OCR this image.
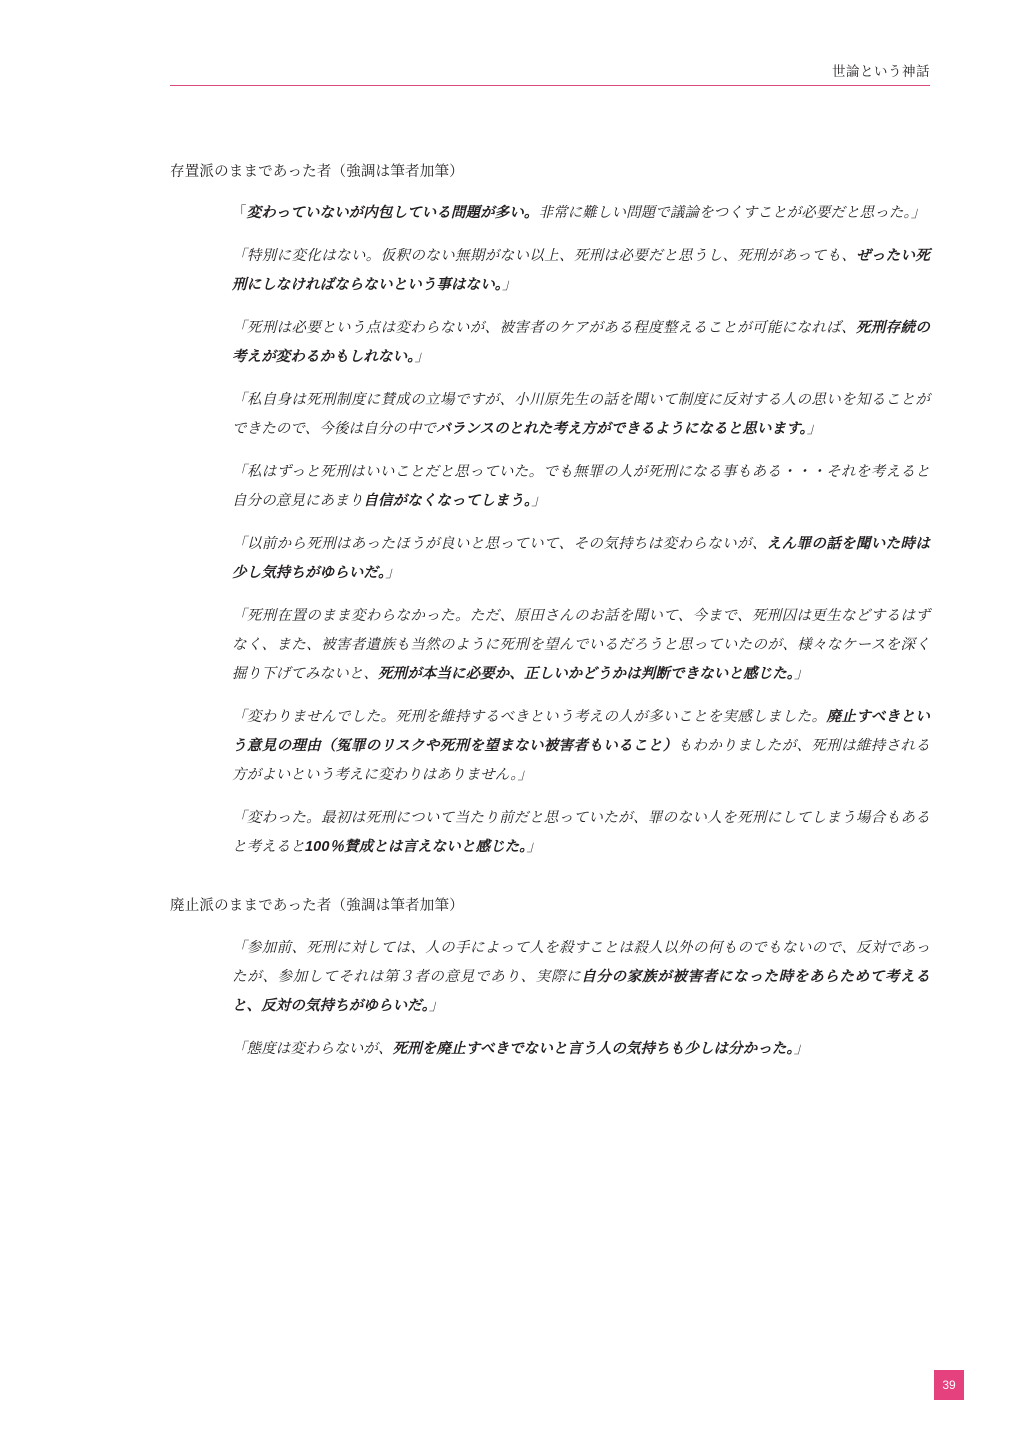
世論という神話

存置派のままであった者（強調は筆者加筆）

「変わっていないが内包している問題が多い。非常に難しい問題で議論をつくすことが必要だと思った。」

「特別に変化はない。仮釈のない無期がない以上、死刑は必要だと思うし、死刑があっても、ぜったい死刑にしなければならないという事はない。」

「死刑は必要という点は変わらないが、被害者のケアがある程度整えることが可能になれば、死刑存続の考えが変わるかもしれない。」

「私自身は死刑制度に賛成の立場ですが、小川原先生の話を聞いて制度に反対する人の思いを知ることができたので、今後は自分の中でバランスのとれた考え方ができるようになると思います。」

「私はずっと死刑はいいことだと思っていた。でも無罪の人が死刑になる事もある・・・それを考えると自分の意見にあまり自信がなくなってしまう。」

「以前から死刑はあったほうが良いと思っていて、その気持ちは変わらないが、えん罪の話を聞いた時は少し気持ちがゆらいだ。」

「死刑在置のまま変わらなかった。ただ、原田さんのお話を聞いて、今まで、死刑囚は更生などするはずなく、また、被害者遺族も当然のように死刑を望んでいるだろうと思っていたのが、様々なケースを深く掘り下げてみないと、死刑が本当に必要か、正しいかどうかは判断できないと感じた。」

「変わりませんでした。死刑を維持するべきという考えの人が多いことを実感しました。廃止すべきという意見の理由（冤罪のリスクや死刑を望まない被害者もいること）もわかりましたが、死刑は維持される方がよいという考えに変わりはありません。」

「変わった。最初は死刑について当たり前だと思っていたが、罪のない人を死刑にしてしまう場合もあると考えると100％賛成とは言えないと感じた。」

廃止派のままであった者（強調は筆者加筆）

「参加前、死刑に対しては、人の手によって人を殺すことは殺人以外の何ものでもないので、反対であったが、参加してそれは第３者の意見であり、実際に自分の家族が被害者になった時をあらためて考えると、反対の気持ちがゆらいだ。」

「態度は変わらないが、死刑を廃止すべきでないと言う人の気持ちも少しは分かった。」

39
